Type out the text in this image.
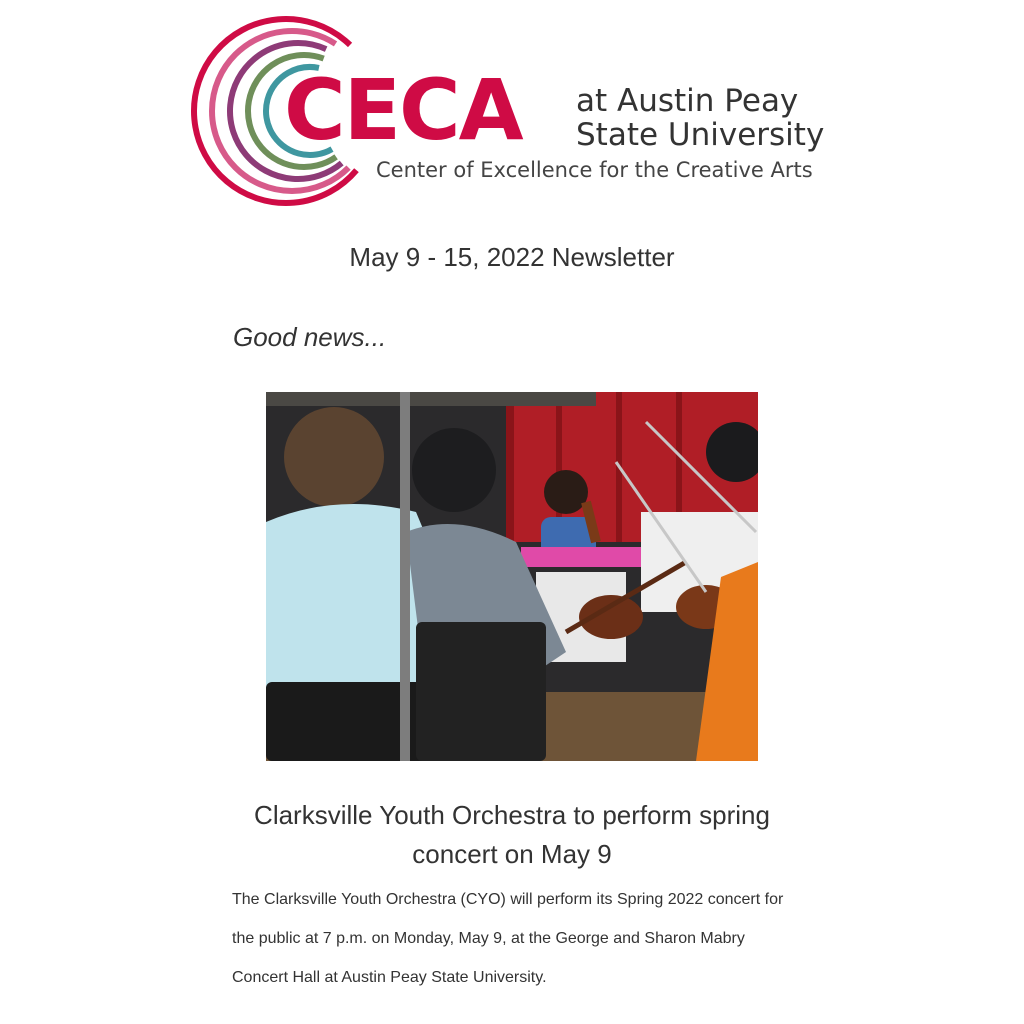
CECA at Austin Peay
State University
Center of Excellence for the Creative Arts
May 9 - 15, 2022 Newsletter
Good news...
Clarksville Youth Orchestra to perform spring concert on May 9
The Clarksville Youth Orchestra (CYO) will perform its Spring 2022 concert for the public at 7 p.m. on Monday, May 9, at the George and Sharon Mabry Concert Hall at Austin Peay State University.
